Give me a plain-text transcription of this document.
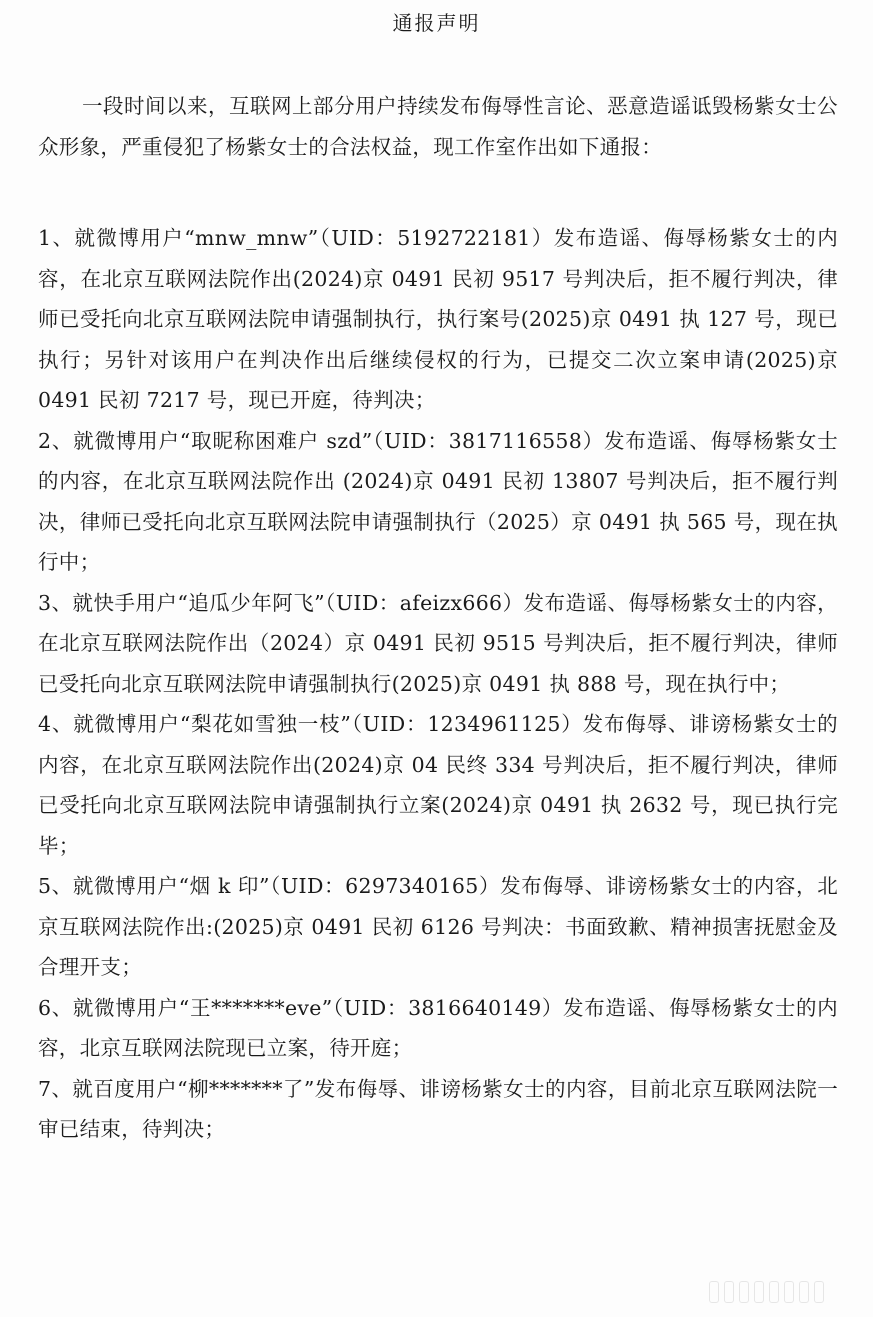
通报声明

一段时间以来，互联网上部分用户持续发布侮辱性言论、恶意造谣诋毁杨紫女士公众形象，严重侵犯了杨紫女士的合法权益，现工作室作出如下通报：

1、就微博用户“mnw_mnw”（UID：5192722181）发布造谣、侮辱杨紫女士的内容，在北京互联网法院作出(2024)京 0491 民初 9517 号判决后，拒不履行判决，律师已受托向北京互联网法院申请强制执行，执行案号(2025)京 0491 执 127 号，现已执行；另针对该用户在判决作出后继续侵权的行为，已提交二次立案申请(2025)京 0491 民初 7217 号，现已开庭，待判决；
2、就微博用户“取昵称困难户 szd”（UID：3817116558）发布造谣、侮辱杨紫女士的内容，在北京互联网法院作出 (2024)京 0491 民初 13807 号判决后，拒不履行判决，律师已受托向北京互联网法院申请强制执行（2025）京 0491 执 565 号，现在执行中；
3、就快手用户“追瓜少年阿飞”（UID：afeizx666）发布造谣、侮辱杨紫女士的内容，在北京互联网法院作出（2024）京 0491 民初 9515 号判决后，拒不履行判决，律师已受托向北京互联网法院申请强制执行(2025)京 0491 执 888 号，现在执行中；
4、就微博用户“梨花如雪独一枝”（UID：1234961125）发布侮辱、诽谤杨紫女士的内容，在北京互联网法院作出(2024)京 04 民终 334 号判决后，拒不履行判决，律师已受托向北京互联网法院申请强制执行立案(2024)京 0491 执 2632 号，现已执行完毕；
5、就微博用户“烟 k 印”（UID：6297340165）发布侮辱、诽谤杨紫女士的内容，北京互联网法院作出:(2025)京 0491 民初 6126 号判决：书面致歉、精神损害抚慰金及合理开支；
6、就微博用户“王*******eve”（UID：3816640149）发布造谣、侮辱杨紫女士的内容，北京互联网法院现已立案，待开庭；
7、就百度用户“柳*******了”发布侮辱、诽谤杨紫女士的内容，目前北京互联网法院一审已结束，待判决；
